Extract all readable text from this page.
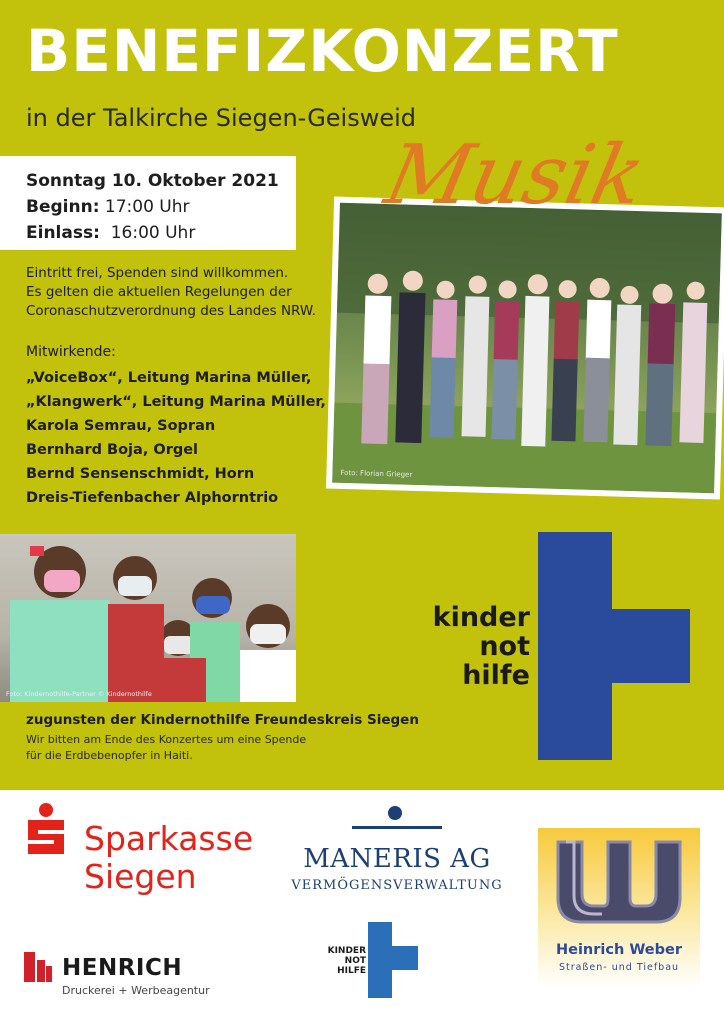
BENEFIZKONZERT
in der Talkirche Siegen-Geisweid
Sonntag 10. Oktober 2021
Beginn: 17:00 Uhr
Einlass: 16:00 Uhr
Foto: Florian Grieger
Musik
Eintritt frei, Spenden sind willkommen.
Es gelten die aktuellen Regelungen der
Coronaschutzverordnung des Landes NRW.
Mitwirkende:
„VoiceBox“, Leitung Marina Müller,
„Klangwerk“, Leitung Marina Müller,
Karola Semrau, Sopran
Bernhard Boja, Orgel
Bernd Sensenschmidt, Horn
Dreis-Tiefenbacher Alphorntrio
Foto: Kindernothilfe-Partner © Kindernothilfe
kinder
not
hilfe
zugunsten der Kindernothilfe Freundeskreis Siegen
Wir bitten am Ende des Konzertes um eine Spende
für die Erdbebenopfer in Haiti.
Sparkasse
Siegen	MANERIS AG
VERMÖGENSVERWALTUNG
Heinrich Weber
Straßen- und Tiefbau
HENRICH
Druckerei + Werbeagentur
KINDER
NOT
HILFE
